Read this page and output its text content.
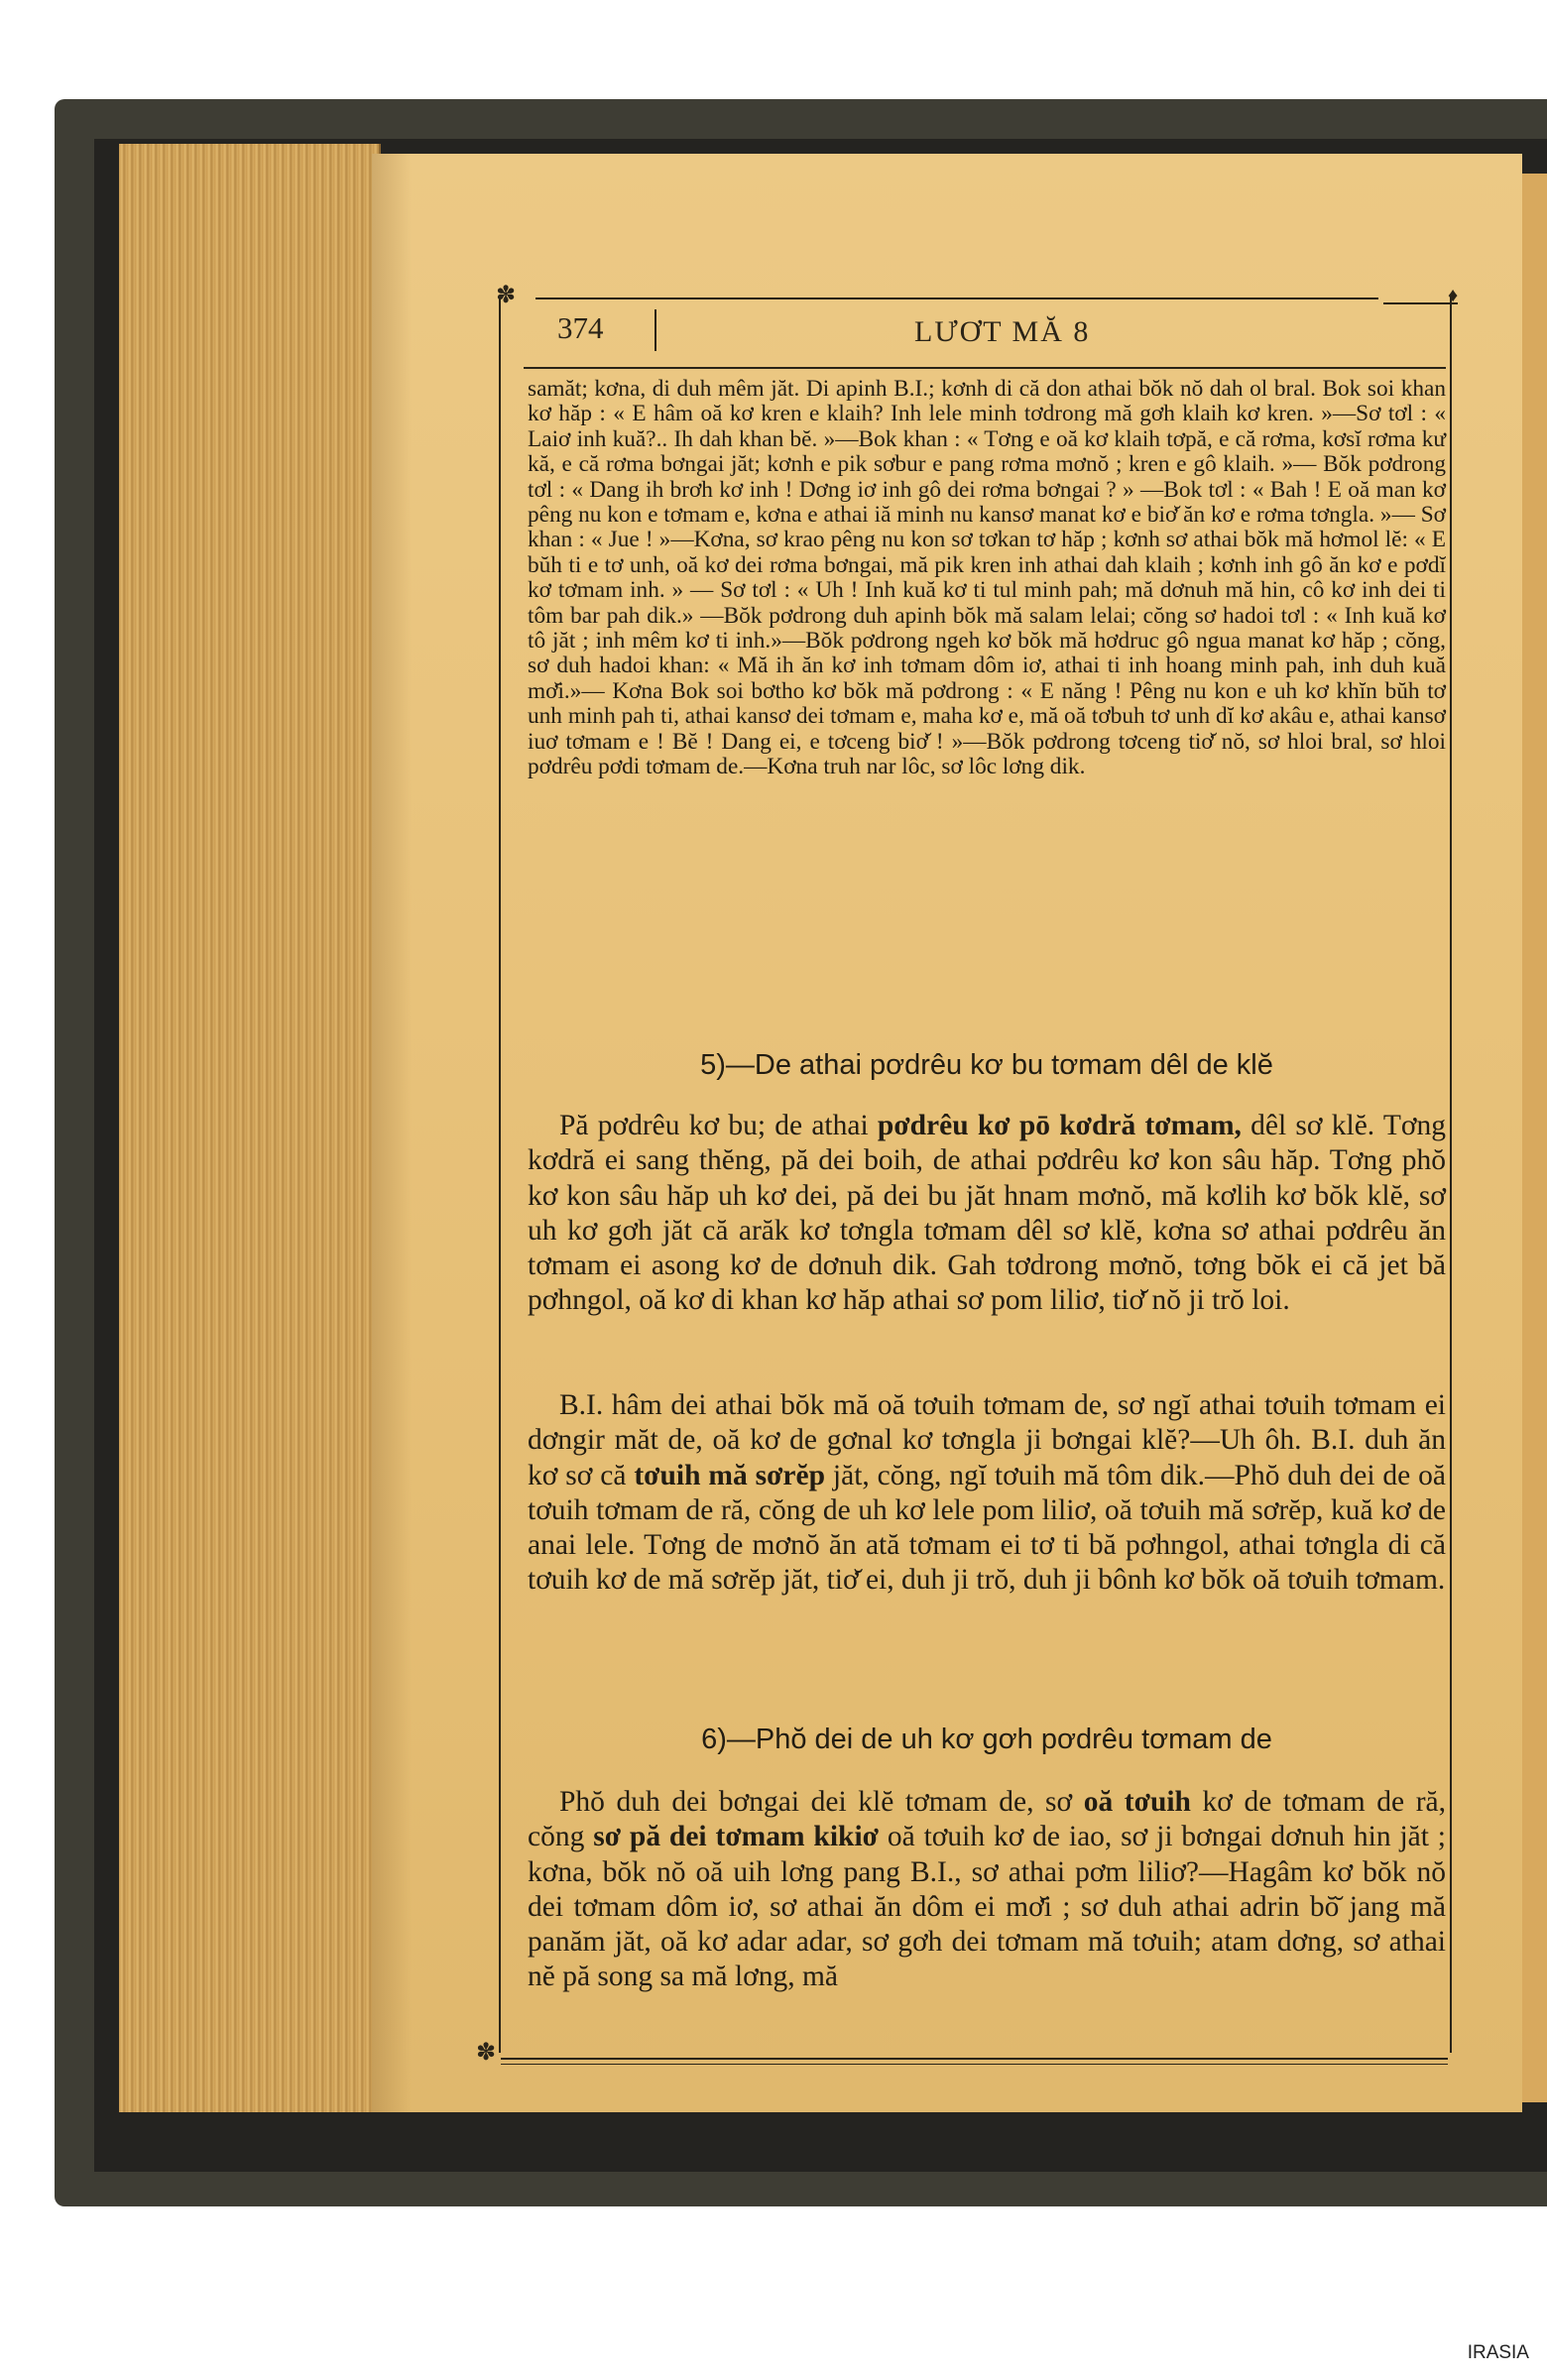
✽	♦
374	LƯƠT MĂ 8

samăt; kơna, di duh mêm jăt. Di apinh B.I.; kơnh di că don athai bŏk nŏ dah ol bral. Bok soi khan kơ hăp : « E hâm oă kơ kren e klaih? Inh lele minh tơdrong mă gơh klaih kơ kren. »—Sơ tơl : « Laiơ inh kuă?.. Ih dah khan bĕ. »—Bok khan : « Tơng e oă kơ klaih tơpă, e că rơma, kơsĭ rơma kư kă, e că rơma bơngai jăt; kơnh e pik sơbur e pang rơma mơnŏ ; kren e gô klaih. »— Bŏk pơdrong tơl : « Dang ih brơh kơ inh ! Dơng iơ inh gô dei rơma bơngai ? » —Bok tơl : « Bah ! E oă man kơ pêng nu kon e tơmam e, kơna e athai iă minh nu kansơ manat kơ e biơ̆ ăn kơ e rơma tơngla. »— Sơ khan : « Jue ! »—Kơna, sơ krao pêng nu kon sơ tơkan tơ hăp ; kơnh sơ athai bŏk mă hơmol lĕ: « E bŭh ti e tơ unh, oă kơ dei rơma bơngai, mă pik kren inh athai dah klaih ; kơnh inh gô ăn kơ e pơdĭ kơ tơmam inh. » — Sơ tơl : « Uh ! Inh kuă kơ ti tul minh pah; mă dơnuh mă hin, cô kơ inh dei ti tôm bar pah dik.» —Bŏk pơdrong duh apinh bŏk mă salam lelai; cŏng sơ hadoi tơl : « Inh kuă kơ tô jăt ; inh mêm kơ ti inh.»—Bŏk pơdrong ngeh kơ bŏk mă hơdruc gô ngua manat kơ hăp ; cŏng, sơ duh hadoi khan: « Mă ih ăn kơ inh tơmam dôm iơ, athai ti inh hoang minh pah, inh duh kuă mơ̆i.»— Kơna Bok soi bơtho kơ bŏk mă pơdrong : « E năng ! Pêng nu kon e uh kơ khĭn bŭh tơ unh minh pah ti, athai kansơ dei tơmam e, maha kơ e, mă oă tơbuh tơ unh dĭ kơ akâu e, athai kansơ iuơ tơmam e ! Bĕ ! Dang ei, e tơceng biơ̆ ! »—Bŏk pơdrong tơceng tiơ̆ nŏ, sơ hloi bral, sơ hloi pơdrêu pơdi tơmam de.—Kơna truh nar lôc, sơ lôc lơng dik.

5)—De athai pơdrêu kơ bu tơmam dêl de klĕ

Pă pơdrêu kơ bu; de athai pơdrêu kơ pō kơdră tơmam, dêl sơ klĕ. Tơng kơdră ei sang thĕng, pă dei boih, de athai pơdrêu kơ kon sâu hăp. Tơng phŏ kơ kon sâu hăp uh kơ dei, pă dei bu jăt hnam mơnŏ, mă kơlih kơ bŏk klĕ, sơ uh kơ gơh jăt că arăk kơ tơngla tơmam dêl sơ klĕ, kơna sơ athai pơdrêu ăn tơmam ei asong kơ de dơnuh dik. Gah tơdrong mơnŏ, tơng bŏk ei că jet bă pơhngol, oă kơ di khan kơ hăp athai sơ pom liliơ, tiơ̆ nŏ ji trŏ loi.

B.I. hâm dei athai bŏk mă oă tơuih tơmam de, sơ ngĭ athai tơuih tơmam ei dơngir măt de, oă kơ de gơnal kơ tơngla ji bơngai klĕ?—Uh ôh. B.I. duh ăn kơ sơ că tơuih mă sơrĕp jăt, cŏng, ngĭ tơuih mă tôm dik.—Phŏ duh dei de oă tơuih tơmam de ră, cŏng de uh kơ lele pom liliơ, oă tơuih mă sơrĕp, kuă kơ de anai lele. Tơng de mơnŏ ăn ată tơmam ei tơ ti bă pơhngol, athai tơngla di că tơuih kơ de mă sơrĕp jăt, tiơ̆ ei, duh ji trŏ, duh ji bônh kơ bŏk oă tơuih tơmam.

6)—Phŏ dei de uh kơ gơh pơdrêu tơmam de

Phŏ duh dei bơngai dei klĕ tơmam de, sơ oă tơuih kơ de tơmam de ră, cŏng sơ pă dei tơmam kikiơ oă tơuih kơ de iao, sơ ji bơngai dơnuh hin jăt ; kơna, bŏk nŏ oă uih lơng pang B.I., sơ athai pơm liliơ?—Hagâm kơ bŏk nŏ dei tơmam dôm iơ, sơ athai ăn dôm ei mơ̆i ; sơ duh athai adrin bŏ̆ jang mă panăm jăt, oă kơ adar adar, sơ gơh dei tơmam mă tơuih; atam dơng, sơ athai nĕ pă song sa mă lơng, mă

✽
IRASIA
